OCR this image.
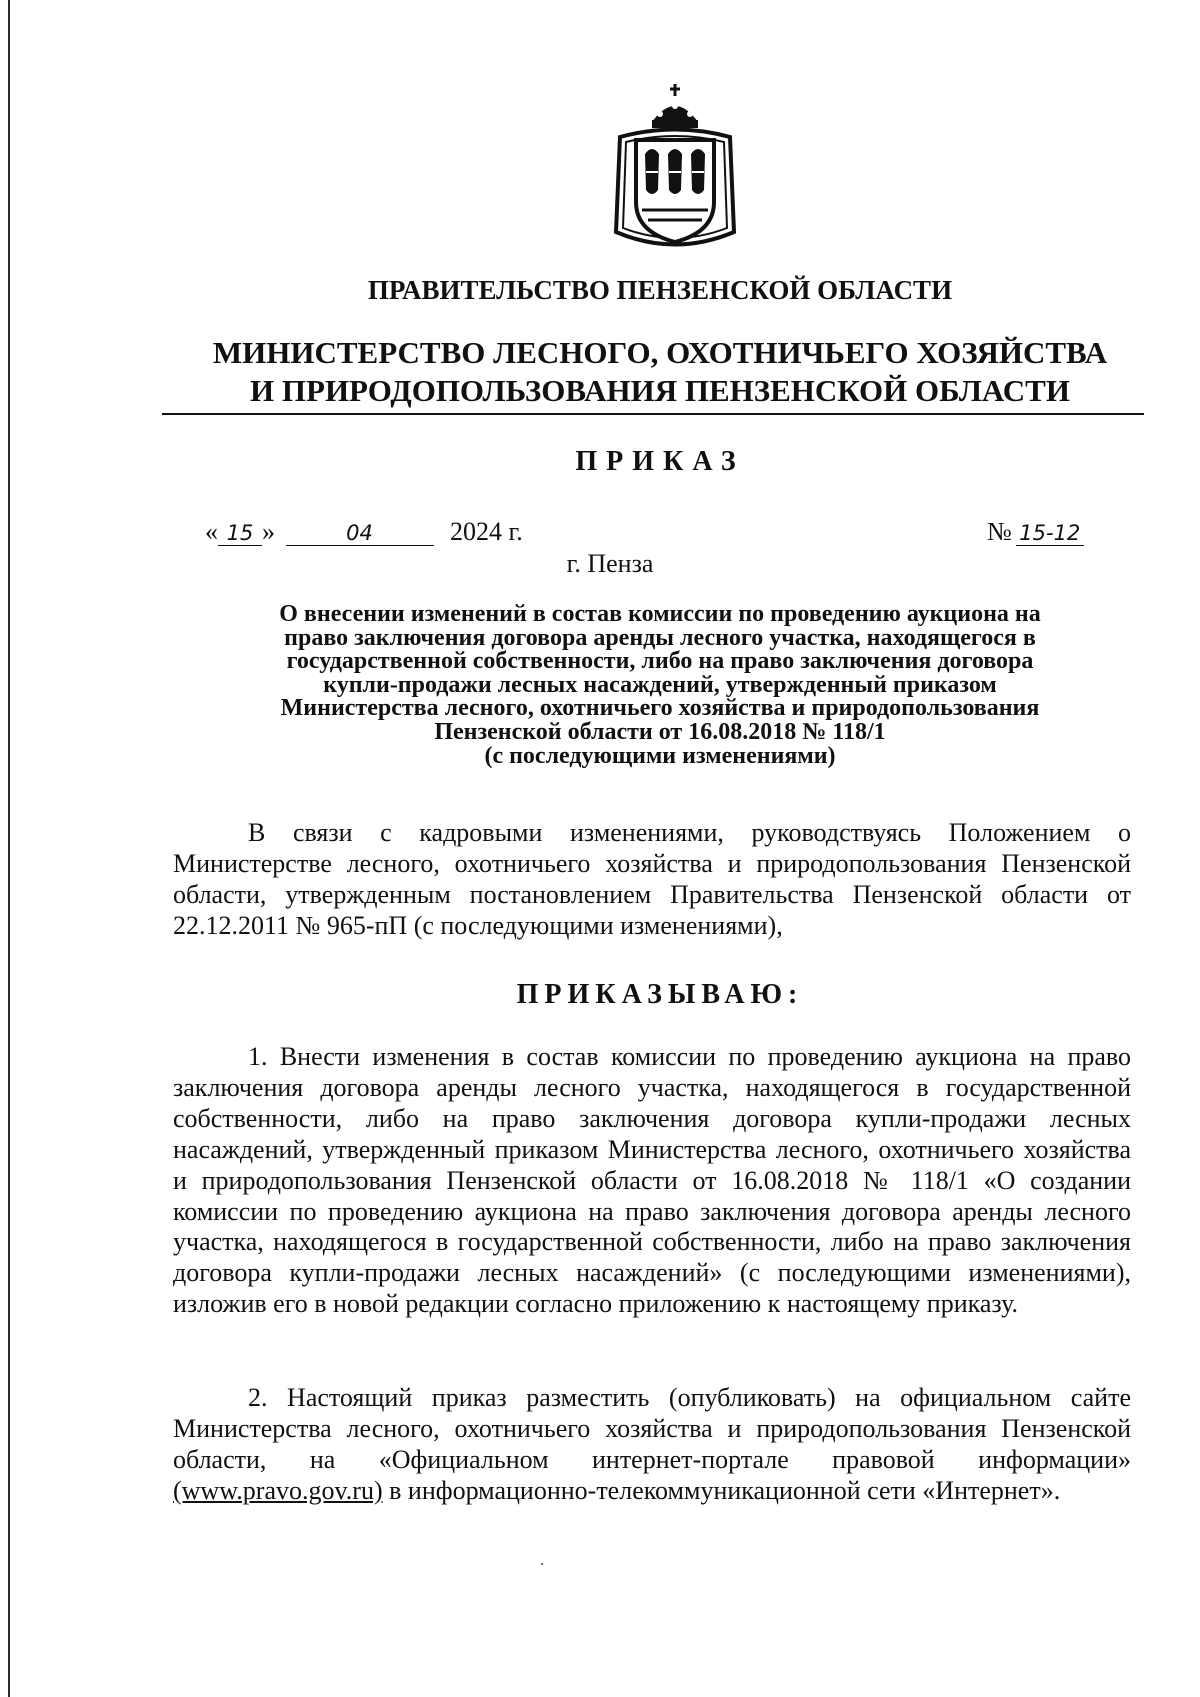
ПРАВИТЕЛЬСТВО ПЕНЗЕНСКОЙ ОБЛАСТИ
МИНИСТЕРСТВО ЛЕСНОГО, ОХОТНИЧЬЕГО ХОЗЯЙСТВА
И ПРИРОДОПОЛЬЗОВАНИЯ ПЕНЗЕНСКОЙ ОБЛАСТИ
ПРИКАЗ
« 15 »	04	2024 г.	№ 15-12
г. Пенза
О внесении изменений в состав комиссии по проведению аукциона на
право заключения договора аренды лесного участка, находящегося в
государственной собственности, либо на право заключения договора
купли-продажи лесных насаждений, утвержденный приказом
Министерства лесного, охотничьего хозяйства и природопользования
Пензенской области от 16.08.2018 № 118/1
(с последующими изменениями)
В связи с кадровыми изменениями, руководствуясь Положением о Министерстве лесного, охотничьего хозяйства и природопользования Пензенской области, утвержденным постановлением Правительства Пензенской области от 22.12.2011 № 965-пП (с последующими изменениями),
ПРИКАЗЫВАЮ:
1. Внести изменения в состав комиссии по проведению аукциона на право заключения договора аренды лесного участка, находящегося в государственной собственности, либо на право заключения договора купли-продажи лесных насаждений, утвержденный приказом Министерства лесного, охотничьего хозяйства и природопользования Пензенской области от 16.08.2018 № 118/1 «О создании комиссии по проведению аукциона на право заключения договора аренды лесного участка, находящегося в государственной собственности, либо на право заключения договора купли-продажи лесных насаждений» (с последующими изменениями), изложив его в новой редакции согласно приложению к настоящему приказу.
2. Настоящий приказ разместить (опубликовать) на официальном сайте Министерства лесного, охотничьего хозяйства и природопользования Пензенской области, на «Официальном интернет-портале правовой информации» (www.pravo.gov.ru) в информационно-телекоммуникационной сети «Интернет».
